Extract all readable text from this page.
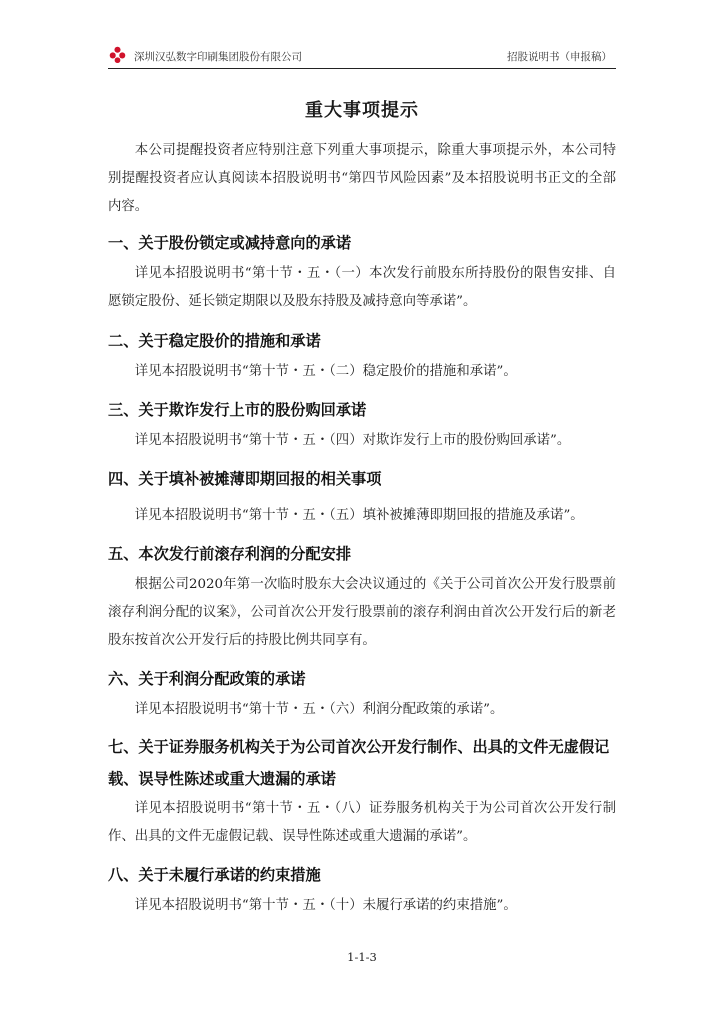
深圳汉弘数字印刷集团股份有限公司	招股说明书（申报稿）
重大事项提示

本公司提醒投资者应特别注意下列重大事项提示，除重大事项提示外，本公司特别提醒投资者应认真阅读本招股说明书“第四节风险因素”及本招股说明书正文的全部内容。

一、关于股份锁定或减持意向的承诺

详见本招股说明书“第十节・五・（一）本次发行前股东所持股份的限售安排、自愿锁定股份、延长锁定期限以及股东持股及减持意向等承诺”。

二、关于稳定股价的措施和承诺

详见本招股说明书“第十节・五・（二）稳定股价的措施和承诺”。

三、关于欺诈发行上市的股份购回承诺

详见本招股说明书“第十节・五・（四）对欺诈发行上市的股份购回承诺”。

四、关于填补被摊薄即期回报的相关事项

详见本招股说明书“第十节・五・（五）填补被摊薄即期回报的措施及承诺”。

五、本次发行前滚存利润的分配安排

根据公司2020年第一次临时股东大会决议通过的《关于公司首次公开发行股票前滚存利润分配的议案》，公司首次公开发行股票前的滚存利润由首次公开发行后的新老股东按首次公开发行后的持股比例共同享有。

六、关于利润分配政策的承诺

详见本招股说明书“第十节・五・（六）利润分配政策的承诺”。

七、关于证券服务机构关于为公司首次公开发行制作、出具的文件无虚假记载、误导性陈述或重大遗漏的承诺

详见本招股说明书“第十节・五・（八）证券服务机构关于为公司首次公开发行制作、出具的文件无虚假记载、误导性陈述或重大遗漏的承诺”。

八、关于未履行承诺的约束措施

详见本招股说明书“第十节・五・（十）未履行承诺的约束措施”。

1-1-3
